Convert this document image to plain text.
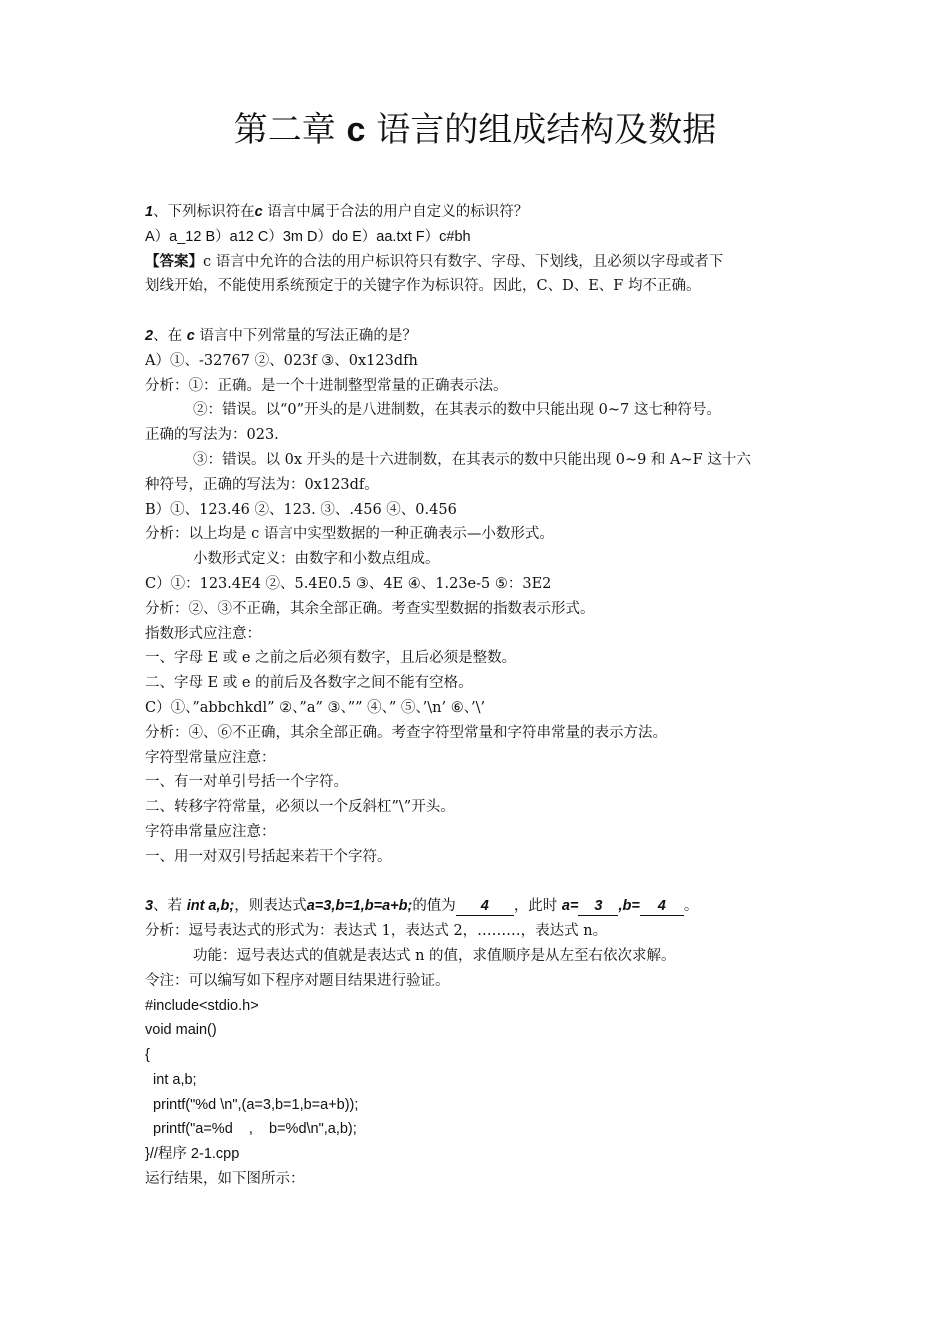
第二章 c 语言的组成结构及数据
1、下列标识符在c 语言中属于合法的用户自定义的标识符？
A）a_12 B）a12 C）3m D）do E）aa.txt F）c#bh
【答案】c 语言中允许的合法的用户标识符只有数字、字母、下划线，且必须以字母或者下
划线开始，不能使用系统预定于的关键字作为标识符。因此，C、D、E、F 均不正确。
2、在 c 语言中下列常量的写法正确的是？
A）①、-32767 ②、023f ③、0x123dfh
分析：①：正确。是一个十进制整型常量的正确表示法。
②：错误。以“0”开头的是八进制数，在其表示的数中只能出现 0~7 这七种符号。
正确的写法为：023.
③：错误。以 0x 开头的是十六进制数，在其表示的数中只能出现 0~9 和 A~F 这十六
种符号，正确的写法为：0x123df。
B）①、123.46 ②、123. ③、.456 ④、0.456
分析：以上均是 c 语言中实型数据的一种正确表示—小数形式。
小数形式定义：由数字和小数点组成。
C）①：123.4E4 ②、5.4E0.5 ③、4E ④、1.23e-5 ⑤：3E2
分析：②、③不正确，其余全部正确。考查实型数据的指数表示形式。
指数形式应注意：
一、字母 E 或 e 之前之后必须有数字，且后必须是整数。
二、字母 E 或 e 的前后及各数字之间不能有空格。
C）①、”abbchkdl” ②、”a” ③、”” ④、” ⑤、’\n’ ⑥、’\’
分析：④、⑥不正确，其余全部正确。考查字符型常量和字符串常量的表示方法。
字符型常量应注意：
一、有一对单引号括一个字符。
二、转移字符常量，必须以一个反斜杠”\”开头。
字符串常量应注意：
一、用一对双引号括起来若干个字符。
3、若 int a,b;，则表达式a=3,b=1,b=a+b;的值为 4 ，此时 a= 3 ,b= 4 。
分析：逗号表达式的形式为：表达式 1，表达式 2，………，表达式 n。
功能：逗号表达式的值就是表达式 n 的值，求值顺序是从左至右依次求解。
令注：可以编写如下程序对题目结果进行验证。
#include<stdio.h>
void main()
{
int a,b;
printf("%d \n",(a=3,b=1,b=a+b));
printf("a=%d    ,    b=%d\n",a,b);
}//程序 2-1.cpp
运行结果，如下图所示：
